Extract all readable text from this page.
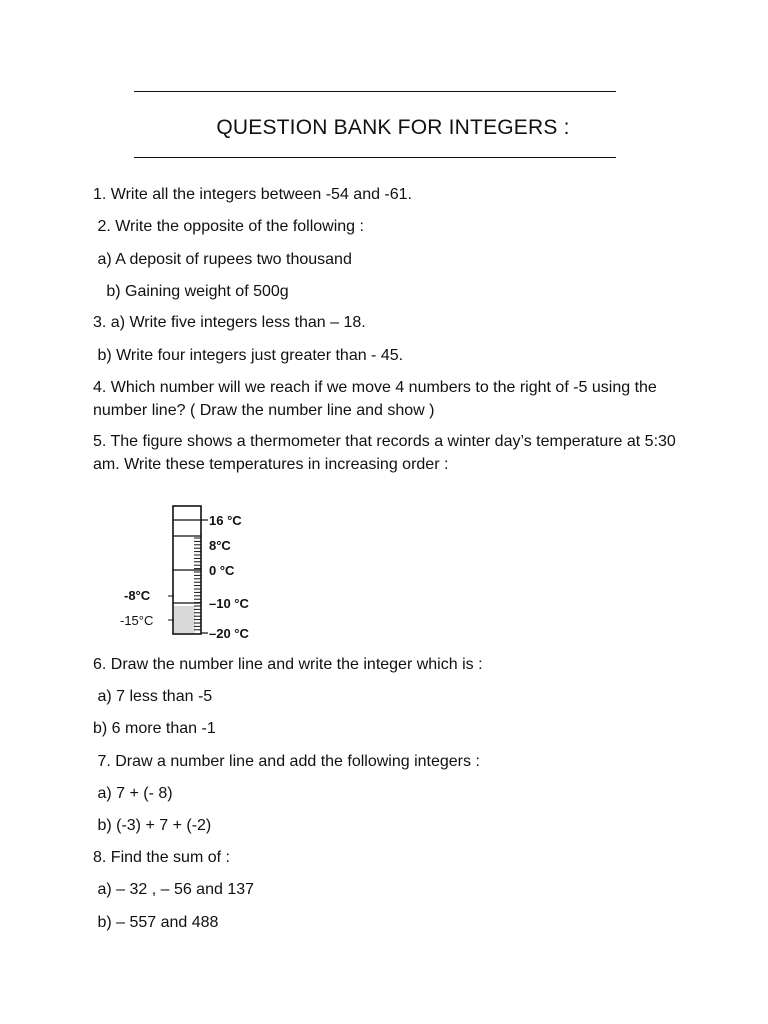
QUESTION BANK FOR INTEGERS :
1. Write all the integers between -54 and -61.
2. Write the opposite of the following :
a) A deposit of rupees two thousand
b) Gaining weight of 500g
3. a) Write five integers less than – 18.
b) Write four integers just greater than - 45.
4. Which number will we reach if we move 4 numbers to the right of -5 using the number line? ( Draw the number line and show )
5. The figure shows a thermometer that records a winter day’s temperature at 5:30 am. Write these temperatures in increasing order :
16 °C
8°C
0 °C
–10 °C
–20 °C
-8°C
-15°C
6. Draw the number line and write the integer which is :
a) 7 less than -5
b) 6 more than -1
7. Draw a number line and add the following integers :
a) 7 + (- 8)
b) (-3) + 7 + (-2)
8. Find the sum of :
a) – 32 , – 56 and 137
b) – 557 and 488
